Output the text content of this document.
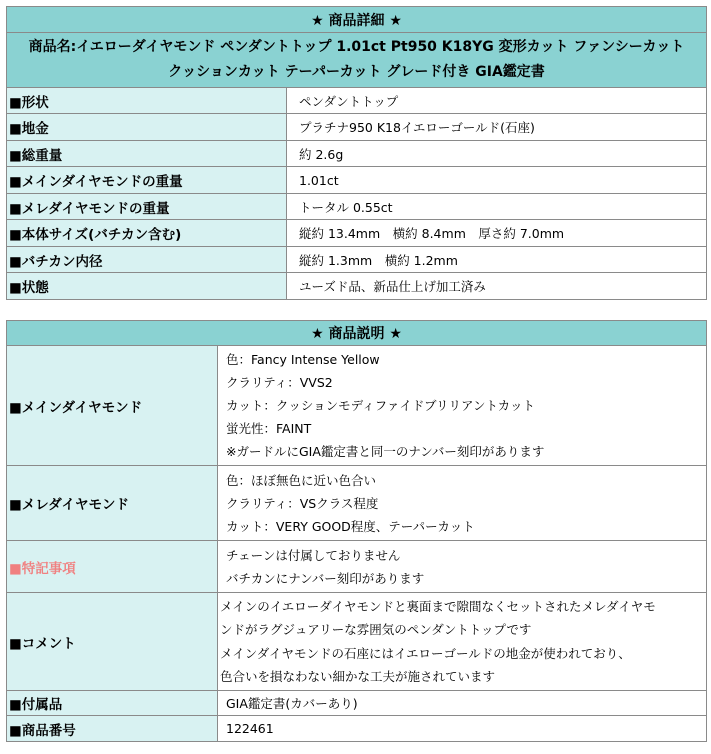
★ 商品詳細 ★	

商品名:イエローダイヤモンド ペンダントトップ 1.01ct Pt950 K18YG 変形カット ファンシーカット
クッションカット テーパーカット グレード付き GIA鑑定書	

■形状	ペンダントトップ
■地金	プラチナ950 K18イエローゴールド(石座)
■総重量	約 2.6g
■メインダイヤモンドの重量	1.01ct
■メレダイヤモンドの重量	トータル 0.55ct
■本体サイズ(バチカン含む)	縦約 13.4mm　横約 8.4mm　厚さ約 7.0mm
■バチカン内径	縦約 1.3mm　横約 1.2mm
■状態	ユーズド品、新品仕上げ加工済み
★ 商品説明 ★	
■メインダイヤモンド	色：Fancy Intense Yellow
クラリティ：VVS2
カット：クッションモディファイドブリリアントカット
蛍光性：FAINT
※ガードルにGIA鑑定書と同一のナンバー刻印があります

■メレダイヤモンド	色：ほぼ無色に近い色合い
クラリティ：VSクラス程度
カット：VERY GOOD程度、テーパーカット

■特記事項	チェーンは付属しておりません
バチカンにナンバー刻印があります

■コメント	メインのイエローダイヤモンドと裏面まで隙間なくセットされたメレダイヤモ
ンドがラグジュアリーな雰囲気のペンダントトップです
メインダイヤモンドの石座にはイエローゴールドの地金が使われており、
色合いを損なわない細かな工夫が施されています

■付属品	GIA鑑定書(カバーあり)
■商品番号	122461
